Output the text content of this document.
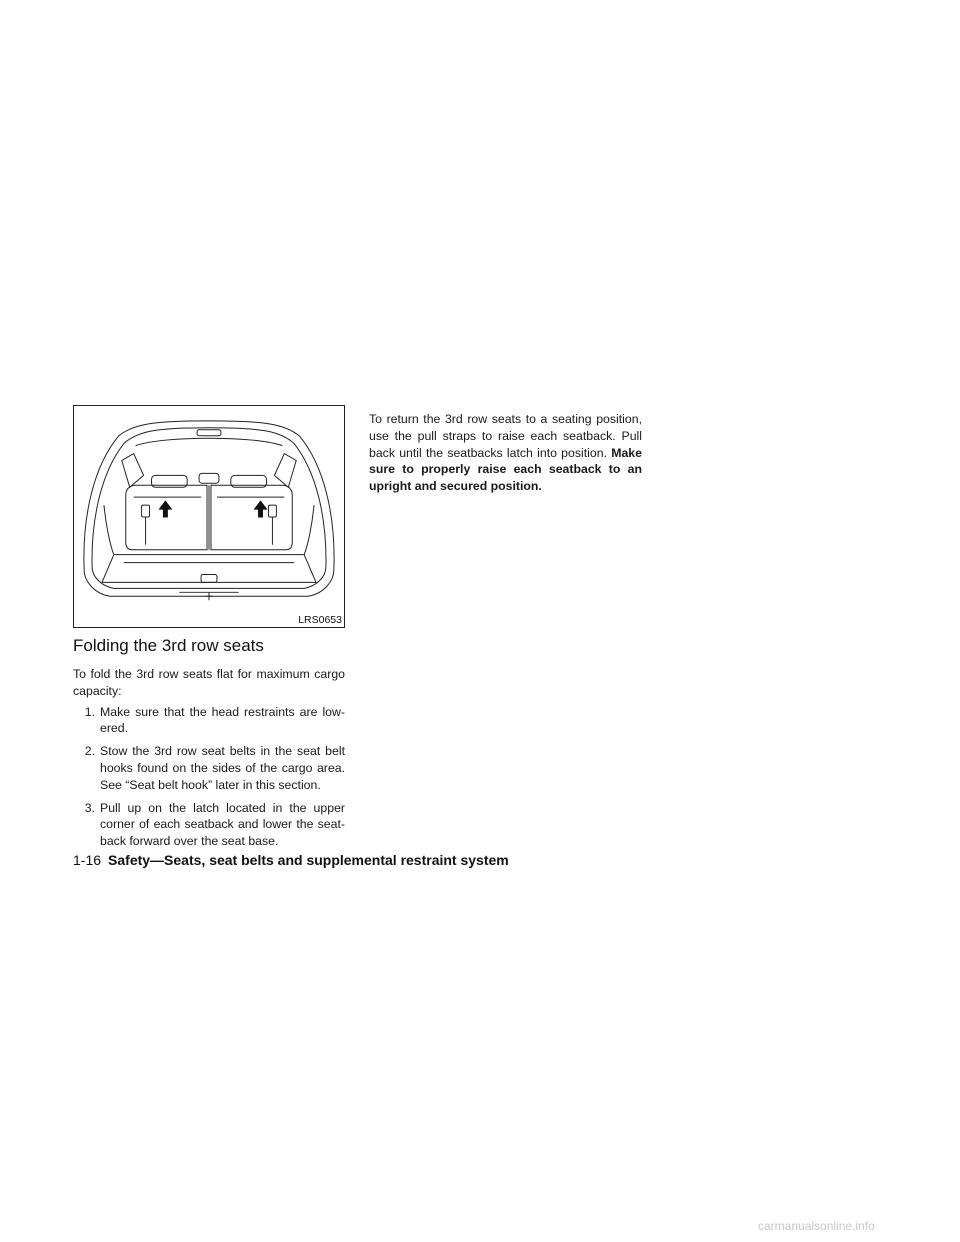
LRS0653
Folding the 3rd row seats

To fold the 3rd row seats flat for maximum cargo capacity:

1. Make sure that the head restraints are low- ered.
2. Stow the 3rd row seat belts in the seat belt hooks found on the sides of the cargo area. See “Seat belt hook” later in this section.
3. Pull up on the latch located in the upper corner of each seatback and lower the seat- back forward over the seat base.

To return the 3rd row seats to a seating position, use the pull straps to raise each seatback. Pull back until the seatbacks latch into position. Make sure to properly raise each seatback to an upright and secured position.

1-16 Safety—Seats, seat belts and supplemental restraint system
carmanualsonline.info
